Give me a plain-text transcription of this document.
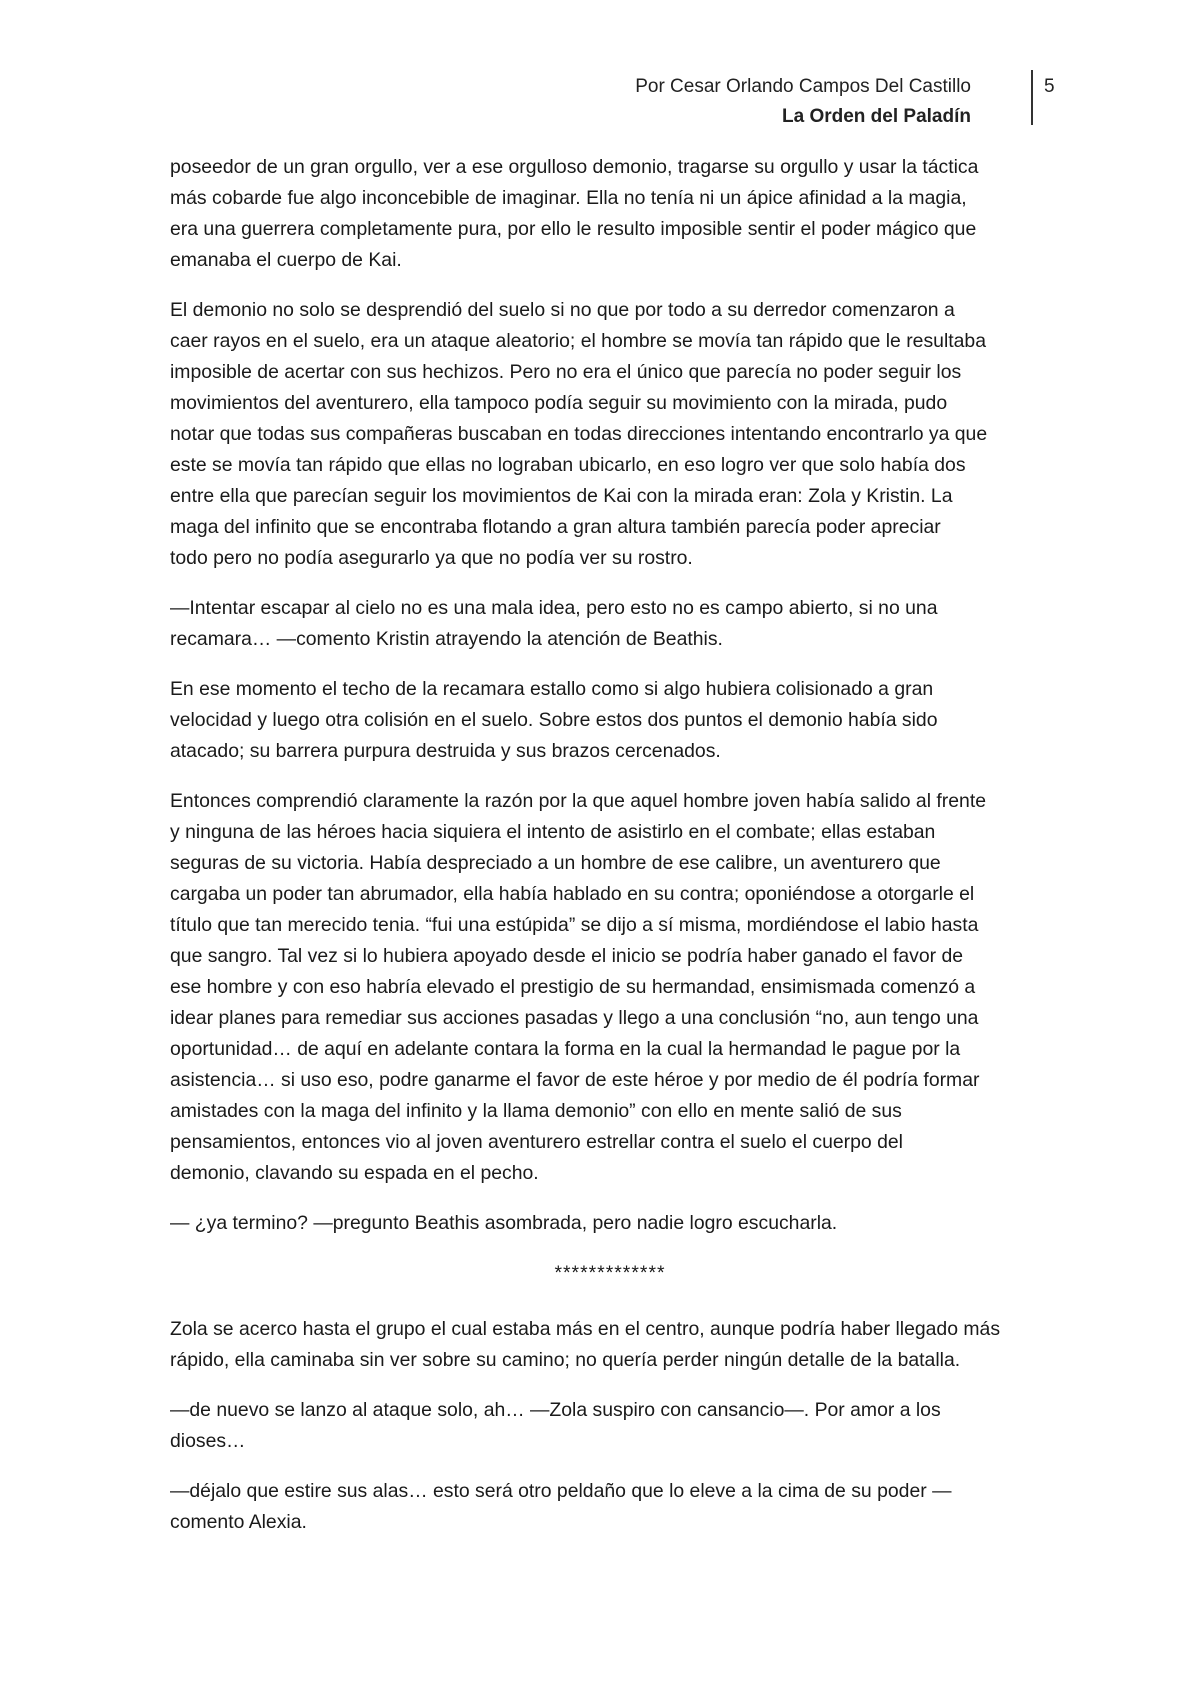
Por Cesar Orlando Campos Del Castillo
La Orden del Paladín
5

poseedor de un gran orgullo, ver a ese orgulloso demonio, tragarse su orgullo y usar la táctica
más cobarde fue algo inconcebible de imaginar. Ella no tenía ni un ápice afinidad a la magia,
era una guerrera completamente pura, por ello le resulto imposible sentir el poder mágico que
emanaba el cuerpo de Kai.

El demonio no solo se desprendió del suelo si no que por todo a su derredor comenzaron a
caer rayos en el suelo, era un ataque aleatorio; el hombre se movía tan rápido que le resultaba
imposible de acertar con sus hechizos. Pero no era el único que parecía no poder seguir los
movimientos del aventurero, ella tampoco podía seguir su movimiento con la mirada, pudo
notar que todas sus compañeras buscaban en todas direcciones intentando encontrarlo ya que
este se movía tan rápido que ellas no lograban ubicarlo, en eso logro ver que solo había dos
entre ella que parecían seguir los movimientos de Kai con la mirada eran: Zola y Kristin. La
maga del infinito que se encontraba flotando a gran altura también parecía poder apreciar
todo pero no podía asegurarlo ya que no podía ver su rostro.

—Intentar escapar al cielo no es una mala idea, pero esto no es campo abierto, si no una
recamara… —comento Kristin atrayendo la atención de Beathis.

En ese momento el techo de la recamara estallo como si algo hubiera colisionado a gran
velocidad y luego otra colisión en el suelo. Sobre estos dos puntos el demonio había sido
atacado; su barrera purpura destruida y sus brazos cercenados.

Entonces comprendió claramente la razón por la que aquel hombre joven había salido al frente
y ninguna de las héroes hacia siquiera el intento de asistirlo en el combate; ellas estaban
seguras de su victoria. Había despreciado a un hombre de ese calibre, un aventurero que
cargaba un poder tan abrumador, ella había hablado en su contra; oponiéndose a otorgarle el
título que tan merecido tenia. “fui una estúpida” se dijo a sí misma, mordiéndose el labio hasta
que sangro. Tal vez si lo hubiera apoyado desde el inicio se podría haber ganado el favor de
ese hombre y con eso habría elevado el prestigio de su hermandad, ensimismada comenzó a
idear planes para remediar sus acciones pasadas y llego a una conclusión “no, aun tengo una
oportunidad… de aquí en adelante contara la forma en la cual la hermandad le pague por la
asistencia… si uso eso, podre ganarme el favor de este héroe y por medio de él podría formar
amistades con la maga del infinito y la llama demonio” con ello en mente salió de sus
pensamientos, entonces vio al joven aventurero estrellar contra el suelo el cuerpo del
demonio, clavando su espada en el pecho.

— ¿ya termino? —pregunto Beathis asombrada, pero nadie logro escucharla.

*************

Zola se acerco hasta el grupo el cual estaba más en el centro, aunque podría haber llegado más
rápido, ella caminaba sin ver sobre su camino; no quería perder ningún detalle de la batalla.

—de nuevo se lanzo al ataque solo, ah… —Zola suspiro con cansancio—. Por amor a los
dioses…

—déjalo que estire sus alas… esto será otro peldaño que lo eleve a la cima de su poder —
comento Alexia.
